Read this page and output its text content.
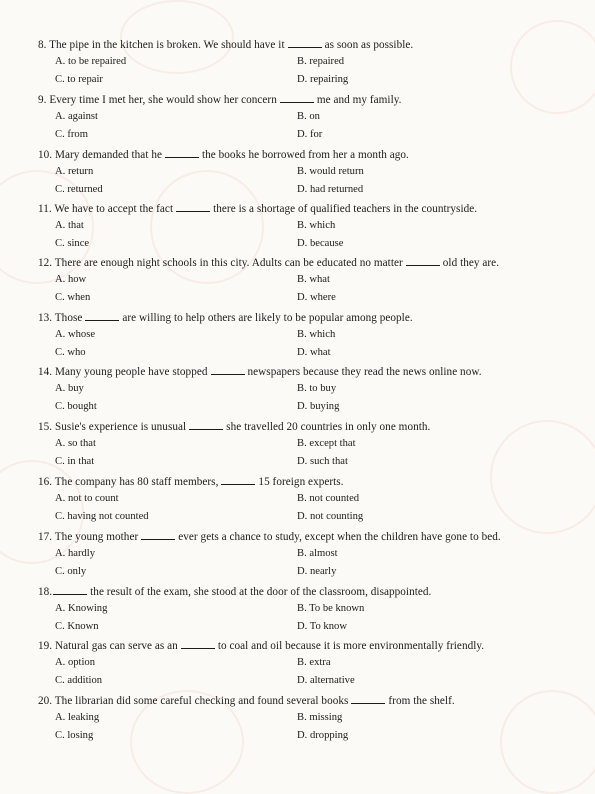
8. The pipe in the kitchen is broken. We should have it	as soon as possible.
A. to be repaired	B. repaired
C. to repair	D. repairing
9. Every time I met her, she would show her concern	me and my family.
A. against	B. on
C. from	D. for
10. Mary demanded that he	the books he borrowed from her a month ago.
A. return	B. would return
C. returned	D. had returned
11. We have to accept the fact	there is a shortage of qualified teachers in the countryside.
A. that	B. which
C. since	D. because
12. There are enough night schools in this city. Adults can be educated no matter	old they are.
A. how	B. what
C. when	D. where
13. Those	are willing to help others are likely to be popular among people.
A. whose	B. which
C. who	D. what
14. Many young people have stopped	newspapers because they read the news online now.
A. buy	B. to buy
C. bought	D. buying
15. Susie's experience is unusual	she travelled 20 countries in only one month.
A. so that	B. except that
C. in that	D. such that
16. The company has 80 staff members,	15 foreign experts.
A. not to count	B. not counted
C. having not counted	D. not counting
17. The young mother	ever gets a chance to study, except when the children have gone to bed.
A. hardly	B. almost
C. only	D. nearly
18.	the result of the exam, she stood at the door of the classroom, disappointed.
A. Knowing	B. To be known
C. Known	D. To know
19. Natural gas can serve as an	to coal and oil because it is more environmentally friendly.
A. option	B. extra
C. addition	D. alternative
20. The librarian did some careful checking and found several books	from the shelf.
A. leaking	B. missing
C. losing	D. dropping
